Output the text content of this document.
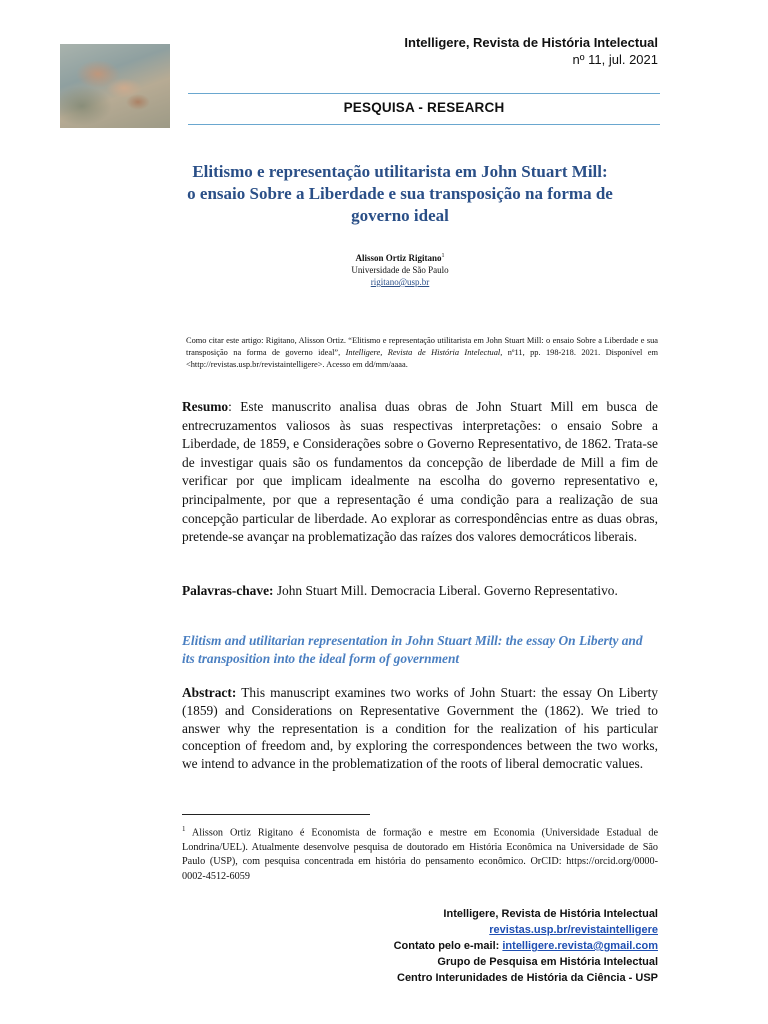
Intelligere, Revista de História Intelectual
nº 11, jul. 2021
PESQUISA - RESEARCH
Elitismo e representação utilitarista em John Stuart Mill:
o ensaio Sobre a Liberdade e sua transposição na forma de
governo ideal
Alisson Ortiz Rigitano$^1$
Universidade de São Paulo
rigitano@usp.br
Como citar este artigo: Rigitano, Alisson Ortiz. “Elitismo e representação utilitarista em John Stuart Mill: o ensaio Sobre a Liberdade e sua transposição na forma de governo ideal”, Intelligere, Revista de História Intelectual, nº11, pp. 198-218. 2021. Disponível em <http://revistas.usp.br/revistaintelligere>. Acesso em dd/mm/aaaa.
Resumo: Este manuscrito analisa duas obras de John Stuart Mill em busca de entrecruzamentos valiosos às suas respectivas interpretações: o ensaio Sobre a Liberdade, de 1859, e Considerações sobre o Governo Representativo, de 1862. Trata-se de investigar quais são os fundamentos da concepção de liberdade de Mill a fim de verificar por que implicam idealmente na escolha do governo representativo e, principalmente, por que a representação é uma condição para a realização de sua concepção particular de liberdade. Ao explorar as correspondências entre as duas obras, pretende-se avançar na problematização das raízes dos valores democráticos liberais.
Palavras-chave: John Stuart Mill. Democracia Liberal. Governo Representativo.
Elitism and utilitarian representation in John Stuart Mill: the essay On Liberty and its transposition into the ideal form of government
Abstract: This manuscript examines two works of John Stuart: the essay On Liberty (1859) and Considerations on Representative Government the (1862). We tried to answer why the representation is a condition for the realization of his particular conception of freedom and, by exploring the correspondences between the two works, we intend to advance in the problematization of the roots of liberal democratic values.
$^1$ Alisson Ortiz Rigitano é Economista de formação e mestre em Economia (Universidade Estadual de Londrina/UEL). Atualmente desenvolve pesquisa de doutorado em História Econômica na Universidade de São Paulo (USP), com pesquisa concentrada em história do pensamento econômico. OrCID: https://orcid.org/0000-0002-4512-6059
Intelligere, Revista de História Intelectual
revistas.usp.br/revistaintelligere
Contato pelo e-mail: intelligere.revista@gmail.com
Grupo de Pesquisa em História Intelectual
Centro Interunidades de História da Ciência - USP
